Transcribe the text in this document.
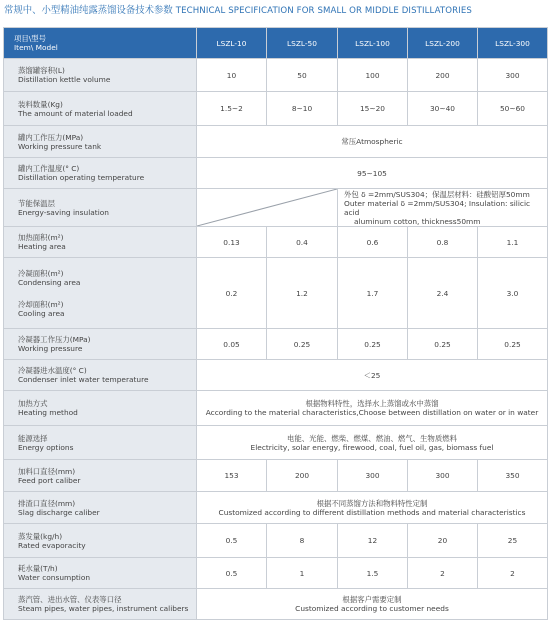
常规中、小型精油纯露蒸馏设备技术参数 TECHNICAL SPECIFICATION FOR SMALL OR MIDDLE DISTILLATORIES
项目\型号
Item\ Model	LSZL-10	LSZL-50	LSZL-100	LSZL-200	LSZL-300

蒸馏罐容积(L)
Distillation kettle volume	10	50	100	200	300

装料数量(Kg)
The amount of material loaded	1.5~2	8~10	15~20	30~40	50~60

罐内工作压力(MPa)
Working pressure tank	常压Atmospheric				

罐内工作温度(° C)
Distillation operating temperature	95~105				

节能保温层
Energy-saving insulation			外包 δ =2mm/SUS304；保温层材料：硅酸铝厚50mm
Outer material δ =2mm/SUS304; Insulation: silicic acid
aluminum cotton, thickness50mm		

加热面积(m²)
Heating area	0.13	0.4	0.6	0.8	1.1

冷凝面积(m²)
Condensing area
冷却面积(m²)
Cooling area	0.2	1.2	1.7	2.4	3.0

冷凝器工作压力(MPa)
Working pressure	0.05	0.25	0.25	0.25	0.25

冷凝器进水温度(° C)
Condenser inlet water temperature	＜25				

加热方式
Heating method	根据物料特性，选择水上蒸馏或水中蒸馏
According to the material characteristics,Choose between distillation on water or in water				

能源选择
Energy options	电能、光能、燃柴、燃煤、燃油、燃气、生物质燃料
Electricity, solar energy, firewood, coal, fuel oil, gas, biomass fuel				

加料口直径(mm)
Feed port caliber	153	200	300	300	350

排渣口直径(mm)
Slag discharge caliber	根据不同蒸馏方法和物料特性定制
Customized according to different distillation methods and material characteristics				

蒸发量(kg/h)
Rated evaporacity	0.5	8	12	20	25

耗水量(T/h)
Water consumption	0.5	1	1.5	2	2

蒸汽管、进出水管、仪表等口径
Steam pipes, water pipes, instrument calibers	根据客户需要定制
Customized according to customer needs				
